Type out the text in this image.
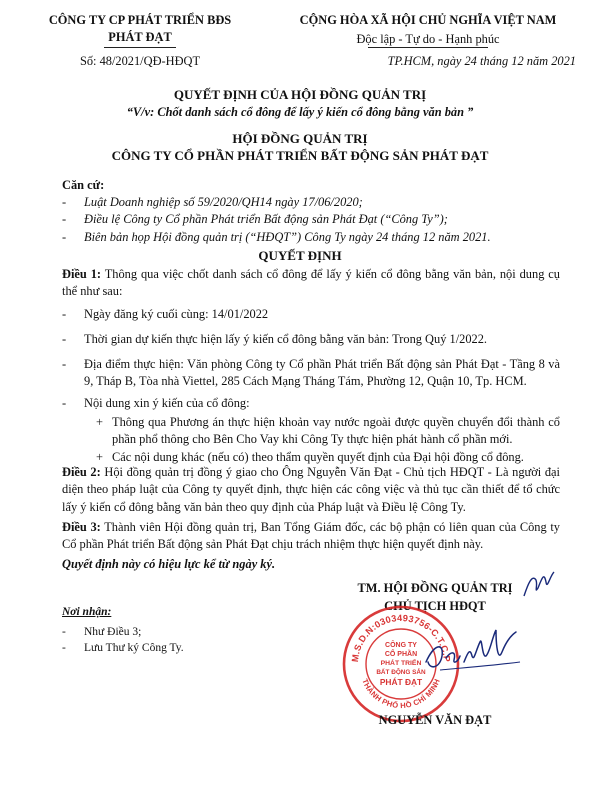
CÔNG TY CP PHÁT TRIỂN BĐS
PHÁT ĐẠT
Số: 48/2021/QĐ-HĐQT
CỘNG HÒA XÃ HỘI CHỦ NGHĨA VIỆT NAM
Độc lập - Tự do - Hạnh phúc
TP.HCM, ngày 24 tháng 12 năm 2021
QUYẾT ĐỊNH CỦA HỘI ĐỒNG QUẢN TRỊ
“V/v: Chốt danh sách cổ đông để lấy ý kiến cổ đông bằng văn bản ”
HỘI ĐỒNG QUẢN TRỊ
CÔNG TY CỔ PHẦN PHÁT TRIỂN BẤT ĐỘNG SẢN PHÁT ĐẠT
Căn cứ:
- Luật Doanh nghiệp số 59/2020/QH14 ngày 17/06/2020;
- Điều lệ Công ty Cổ phần Phát triển Bất động sản Phát Đạt (“Công Ty”);
- Biên bản họp Hội đồng quản trị (“HĐQT”) Công Ty ngày 24 tháng 12 năm 2021.
QUYẾT ĐỊNH

Điều 1: Thông qua việc chốt danh sách cổ đông để lấy ý kiến cổ đông bằng văn bản, nội dung cụ thể như sau:

- Ngày đăng ký cuối cùng: 14/01/2022
- Thời gian dự kiến thực hiện lấy ý kiến cổ đông bằng văn bản: Trong Quý 1/2022.
- Địa điểm thực hiện: Văn phòng Công ty Cổ phần Phát triển Bất động sản Phát Đạt - Tầng 8 và 9, Tháp B, Tòa nhà Viettel, 285 Cách Mạng Tháng Tám, Phường 12, Quận 10, Tp. HCM.
- Nội dung xin ý kiến của cổ đông:
+ Thông qua Phương án thực hiện khoản vay nước ngoài được quyền chuyển đổi thành cổ phần phổ thông cho Bên Cho Vay khi Công Ty thực hiện phát hành cổ phần mới.
+ Các nội dung khác (nếu có) theo thẩm quyền quyết định của Đại hội đồng cổ đông.

Điều 2: Hội đồng quản trị đồng ý giao cho Ông Nguyễn Văn Đạt - Chủ tịch HĐQT - Là người đại diện theo pháp luật của Công ty quyết định, thực hiện các công việc và thủ tục cần thiết để tổ chức lấy ý kiến cổ đông bằng văn bản theo quy định của Pháp luật và Điều lệ Công Ty.

Điều 3: Thành viên Hội đồng quản trị, Ban Tổng Giám đốc, các bộ phận có liên quan của Công ty Cổ phần Phát triển Bất động sản Phát Đạt chịu trách nhiệm thực hiện quyết định này.

Quyết định này có hiệu lực kể từ ngày ký.
TM. HỘI ĐỒNG QUẢN TRỊ
CHỦ TỊCH HĐQT
Nơi nhận:
- Như Điều 3;
- Lưu Thư ký Công Ty.
M.S.D.N:0303493756-C.T.C.P
THÀNH PHỐ HỒ CHÍ MINH
CÔNG TY
CỔ PHẦN
PHÁT TRIỂN
BẤT ĐỘNG SẢN
PHÁT ĐẠT
NGUYỄN VĂN ĐẠT
